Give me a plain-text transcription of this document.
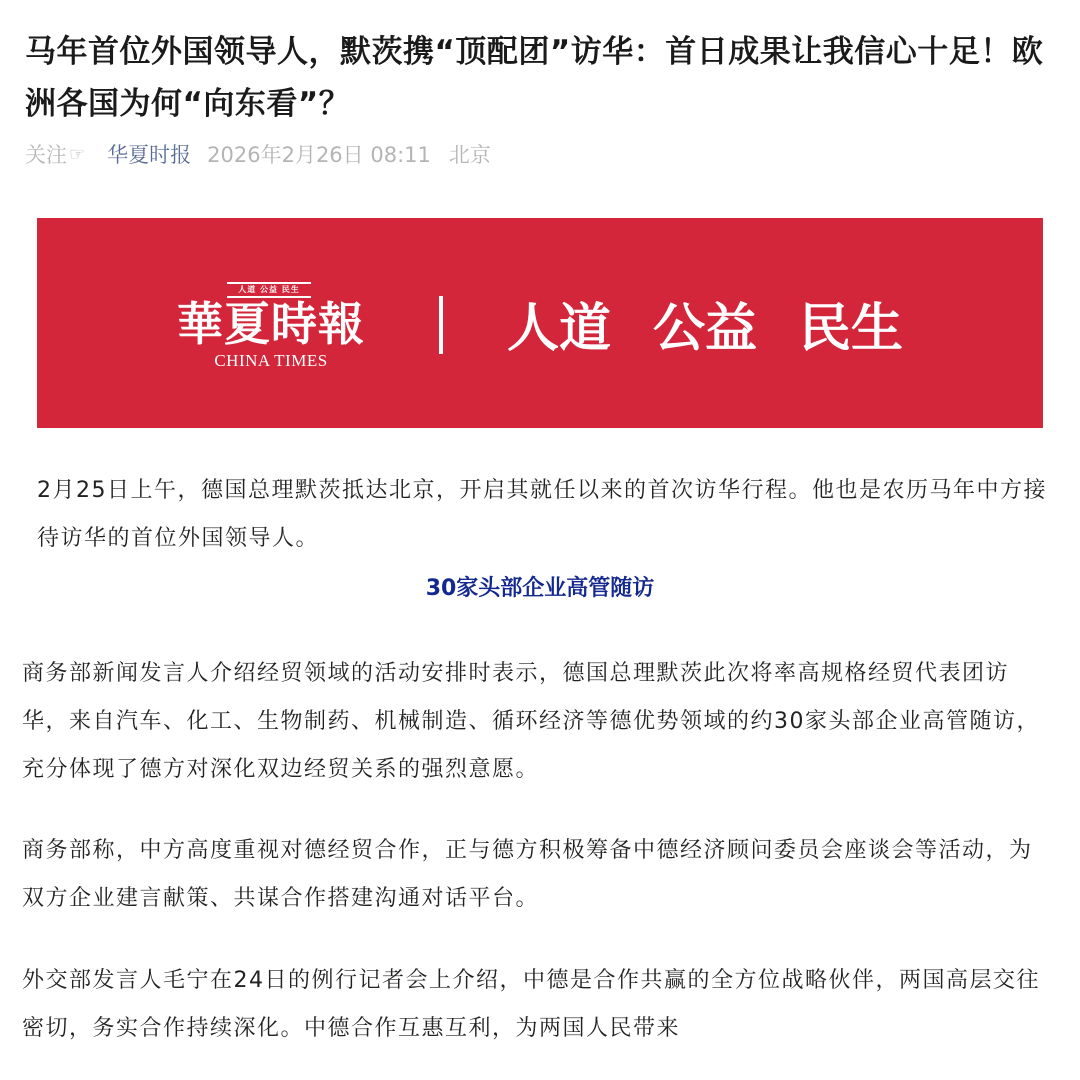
马年首位外国领导人，默茨携“顶配团”访华：首日成果让我信心十足！欧洲各国为何“向东看”？
关注 ☞ 华夏时报 2026年2月26日 08:11 北京
人道 公益 民生
華夏時報
CHINA TIMES
人道 公益 民生

2月25日上午，德国总理默茨抵达北京，开启其就任以来的首次访华行程。他也是农历马年中方接待访华的首位外国领导人。

30家头部企业高管随访

商务部新闻发言人介绍经贸领域的活动安排时表示，德国总理默茨此次将率高规格经贸代表团访华，来自汽车、化工、生物制药、机械制造、循环经济等德优势领域的约30家头部企业高管随访，充分体现了德方对深化双边经贸关系的强烈意愿。

商务部称，中方高度重视对德经贸合作，正与德方积极筹备中德经济顾问委员会座谈会等活动，为双方企业建言献策、共谋合作搭建沟通对话平台。

外交部发言人毛宁在24日的例行记者会上介绍，中德是合作共赢的全方位战略伙伴，两国高层交往密切，务实合作持续深化。中德合作互惠互利，为两国人民带来
